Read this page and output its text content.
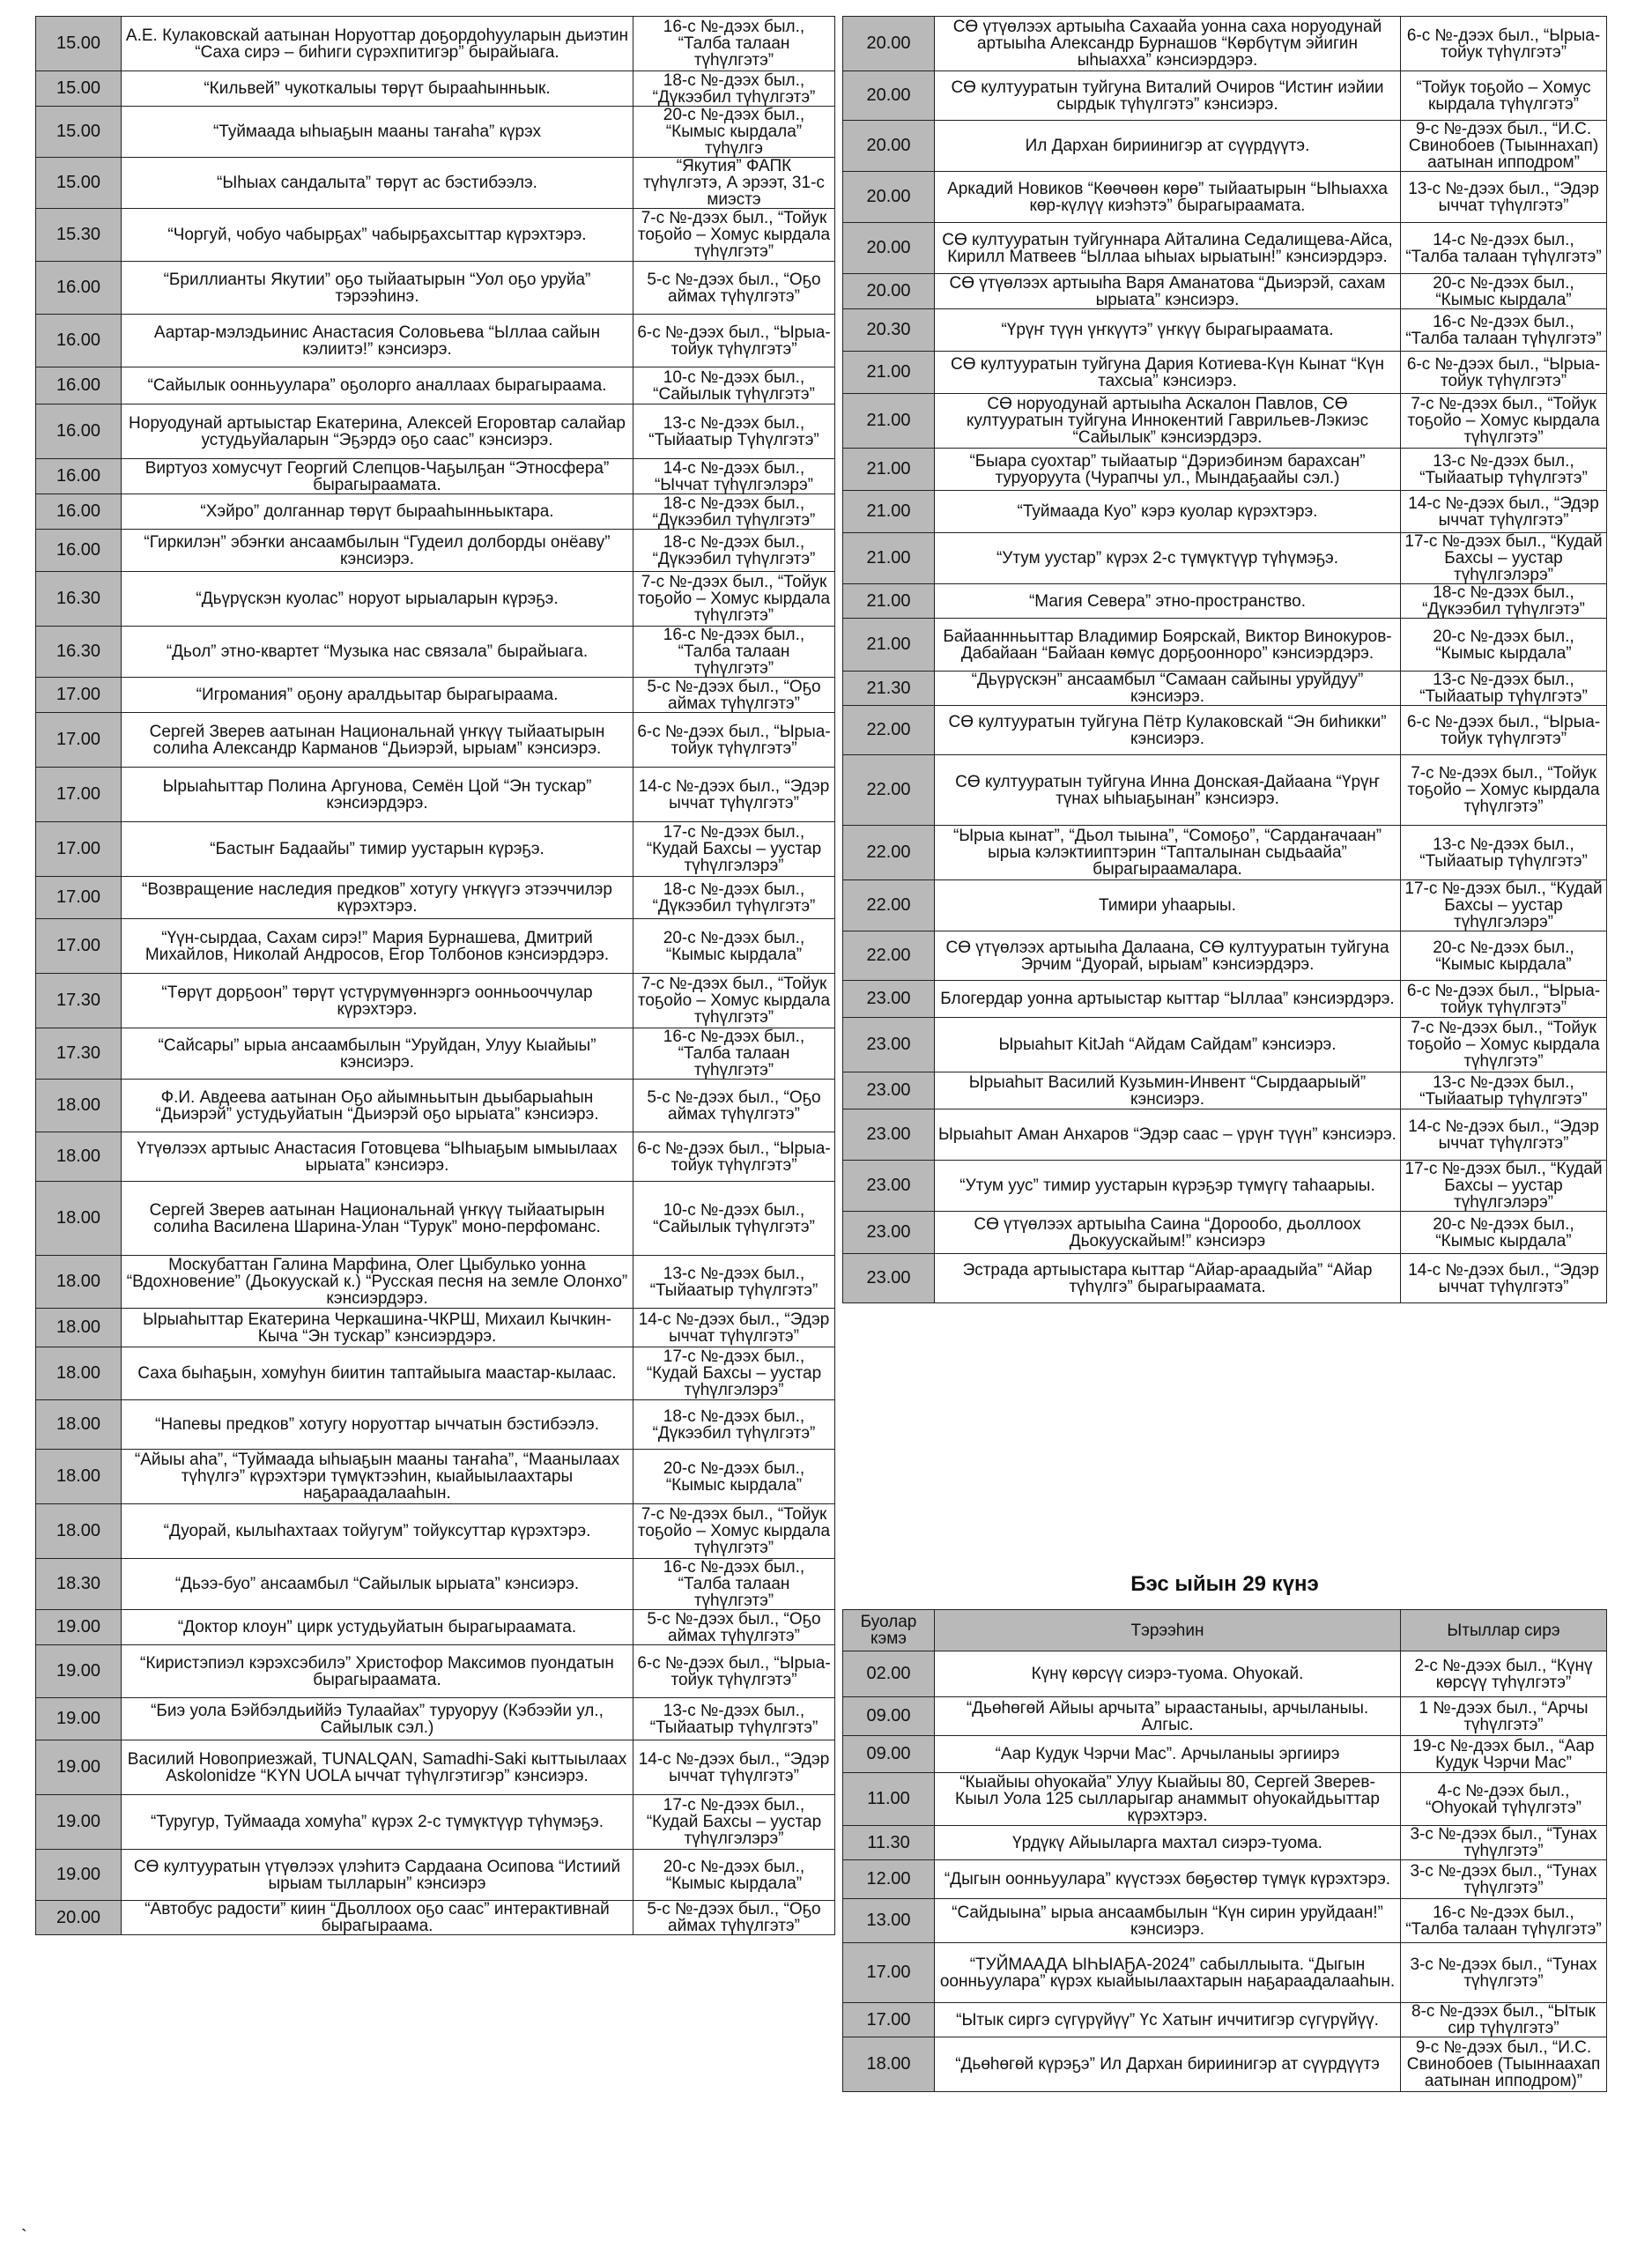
15.00	А.Е. Кулаковскай аатынан Норуоттар доҕордоһууларын дьиэтин “Саха сирэ – биһиги сүрэхпитигэр” бырайыага.	16-с №-дээх был., “Талба талаан түһүлгэтэ”
15.00	“Кильвей” чукоткалыы төрүт бырааһынньык.	18-с №-дээх был., “Дүкээбил түһүлгэтэ”
15.00	“Туймаада ыһыаҕын мааны таҥаһа” күрэх	20-с №-дээх был., “Кымыс кырдала” түһүлгэ
15.00	“Ыһыах сандалыта” төрүт ас бэстибээлэ.	“Якутия” ФАПК түһүлгэтэ, А эрээт, 31-с миэстэ
15.30	“Чоргуй, чобуо чабырҕах” чабырҕахсыттар күрэхтэрэ.	7-с №-дээх был., “Тойук тоҕойо – Хомус кырдала түһүлгэтэ”
16.00	“Бриллианты Якутии” оҕо тыйаатырын “Уол оҕо уруйа” тэрээһинэ.	5-с №-дээх был., “Оҕо аймах түһүлгэтэ”
16.00	Аартар-мэлэдьинис Анастасия Соловьева “Ыллаа сайын кэлиитэ!” кэнсиэрэ.	6-с №-дээх был., “Ырыа-тойук түһүлгэтэ”
16.00	“Сайылык оонньуулара” оҕолорго аналлаах бырагыраама.	10-с №-дээх был., “Сайылык түһүлгэтэ”
16.00	Норуодунай артыыстар Екатерина, Алексей Егоровтар салайар устудьуйаларын “Эҕэрдэ оҕо саас” кэнсиэрэ.	13-с №-дээх был., “Тыйаатыр Түһүлгэтэ”
16.00	Виртуоз хомусчут Георгий Слепцов-Чаҕылҕан “Этносфера” бырагыраамата.	14-с №-дээх был., “Ыччат түһүлгэлэрэ”
16.00	“Хэйро” долганнар төрүт бырааһынньыктара.	18-с №-дээх был., “Дүкээбил түһүлгэтэ”
16.00	“Гиркилэн” эбэҥки ансаамбылын “Гудеил долборды онёаву” кэнсиэрэ.	18-с №-дээх был., “Дүкээбил түһүлгэтэ”
16.30	“Дьүрүскэн куолас” норуот ырыаларын күрэҕэ.	7-с №-дээх был., “Тойук тоҕойо – Хомус кырдала түһүлгэтэ”
16.30	“Дьол” этно-квартет “Музыка нас связала” бырайыага.	16-с №-дээх был., “Талба талаан түһүлгэтэ”
17.00	“Игромания” оҕону аралдьытар бырагыраама.	5-с №-дээх был., “Оҕо аймах түһүлгэтэ”
17.00	Сергей Зверев аатынан Национальнай үҥкүү тыйаатырын солиһа Александр Карманов “Дьиэрэй, ырыам” кэнсиэрэ.	6-с №-дээх был., “Ырыа-тойук түһүлгэтэ”
17.00	Ырыаһыттар Полина Аргунова, Семён Цой “Эн тускар” кэнсиэрдэрэ.	14-с №-дээх был., “Эдэр ыччат түһүлгэтэ”
17.00	“Бастыҥ Бадаайы” тимир уустарын күрэҕэ.	17-с №-дээх был., “Кудай Бахсы – уустар түһүлгэлэрэ”
17.00	“Возвращение наследия предков” хотугу үҥкүүгэ этээччилэр күрэхтэрэ.	18-с №-дээх был., “Дүкээбил түһүлгэтэ”
17.00	“Үүн-сырдаа, Сахам сирэ!” Мария Бурнашева, Дмитрий Михайлов, Николай Андросов, Егор Толбонов кэнсиэрдэрэ.	20-с №-дээх был., “Кымыс кырдала”
17.30	“Төрүт дорҕоон” төрүт үстүрүмүөннэргэ оонньооччулар күрэхтэрэ.	7-с №-дээх был., “Тойук тоҕойо – Хомус кырдала түһүлгэтэ”
17.30	“Сайсары” ырыа ансаамбылын “Уруйдан, Улуу Кыайыы” кэнсиэрэ.	16-с №-дээх был., “Талба талаан түһүлгэтэ”
18.00	Ф.И. Авдеева аатынан Оҕо айымньытын дьыбарыаһын “Дьиэрэй” устудьуйатын “Дьиэрэй оҕо ырыата” кэнсиэрэ.	5-с №-дээх был., “Оҕо аймах түһүлгэтэ”
18.00	Үтүөлээх артыыс Анастасия Готовцева “Ыһыаҕым ымыылаах ырыата” кэнсиэрэ.	6-с №-дээх был., “Ырыа-тойук түһүлгэтэ”
18.00	Сергей Зверев аатынан Национальнай үҥкүү тыйаатырын солиһа Василена Шарина-Улан “Турук” моно-перфоманс.	10-с №-дээх был., “Сайылык түһүлгэтэ”
18.00	Москубаттан Галина Марфина, Олег Цыбулько уонна “Вдохновение” (Дьокуускай к.) “Русская песня на земле Олонхо” кэнсиэрдэрэ.	13-с №-дээх был., “Тыйаатыр түһүлгэтэ”
18.00	Ырыаһыттар Екатерина Черкашина-ЧКРШ, Михаил Кычкин-Кыча “Эн тускар” кэнсиэрдэрэ.	14-с №-дээх был., “Эдэр ыччат түһүлгэтэ”
18.00	Саха быһаҕын, хомуһун биитин таптайыыга маастар-кылаас.	17-с №-дээх был., “Кудай Бахсы – уустар түһүлгэлэрэ”
18.00	“Напевы предков” хотугу норуоттар ыччатын бэстибээлэ.	18-с №-дээх был., “Дүкээбил түһүлгэтэ”
18.00	“Айыы аһа”, “Туймаада ыһыаҕын мааны таҥаһа”, “Маанылаах түһүлгэ” күрэхтэри түмүктээһин, кыайыылаахтары наҕараадалааһын.	20-с №-дээх был., “Кымыс кырдала”
18.00	“Дуорай, кылыһахтаах тойугум” тойуксуттар күрэхтэрэ.	7-с №-дээх был., “Тойук тоҕойо – Хомус кырдала түһүлгэтэ”
18.30	“Дьээ-буо” ансаамбыл “Сайылык ырыата” кэнсиэрэ.	16-с №-дээх был., “Талба талаан түһүлгэтэ”
19.00	“Доктор клоун” цирк устудьуйатын бырагыраамата.	5-с №-дээх был., “Оҕо аймах түһүлгэтэ”
19.00	“Киристэпиэл кэрэхсэбилэ” Христофор Максимов пуондатын бырагыраамата.	6-с №-дээх был., “Ырыа-тойук түһүлгэтэ”
19.00	“Биэ уола Бэйбэлдьиййэ Тулаайах” туруоруу (Кэбээйи ул., Сайылык сэл.)	13-с №-дээх был., “Тыйаатыр түһүлгэтэ”
19.00	Василий Новоприезжай, TUNALQAN, Samadhi-Saki кыттыылаах Askolonidze “KYN UOLA ыччат түһүлгэтигэр” кэнсиэрэ.	14-с №-дээх был., “Эдэр ыччат түһүлгэтэ”
19.00	“Туругур, Туймаада хомуһа” күрэх 2-с түмүктүүр түһүмэҕэ.	17-с №-дээх был., “Кудай Бахсы – уустар түһүлгэлэрэ”
19.00	СӨ култууратын үтүөлээх үлэһитэ Сардаана Осипова “Истиий ырыам тылларын” кэнсиэрэ	20-с №-дээх был., “Кымыс кырдала”
20.00	“Автобус радости” киин “Дьоллоох оҕо саас” интерактивнай бырагыраама.	5-с №-дээх был., “Оҕо аймах түһүлгэтэ”
20.00	СӨ үтүөлээх артыыһа Сахаайа уонна саха норуодунай артыыһа Александр Бурнашов “Көрбүтүм эйигин ыһыахха” кэнсиэрдэрэ.	6-с №-дээх был., “Ырыа-тойук түһүлгэтэ”
20.00	СӨ култууратын туйгуна Виталий Очиров “Истиҥ иэйии сырдык түһүлгэтэ” кэнсиэрэ.	“Тойук тоҕойо – Хомус кырдала түһүлгэтэ”
20.00	Ил Дархан бириинигэр ат сүүрдүүтэ.	9-с №-дээх был., “И.С. Свинобоев (Тыыннахап) аатынан ипподром”
20.00	Аркадий Новиков “Көөчөөн көрө” тыйаатырын “Ыһыахха көр-күлүү киэһэтэ” бырагыраамата.	13-с №-дээх был., “Эдэр ыччат түһүлгэтэ”
20.00	СӨ култууратын туйгуннара Айталина Седалищева-Айса, Кирилл Матвеев “Ыллаа ыһыах ырыатын!” кэнсиэрдэрэ.	14-с №-дээх был., “Талба талаан түһүлгэтэ”
20.00	СӨ үтүөлээх артыыһа Варя Аманатова “Дьиэрэй, сахам ырыата” кэнсиэрэ.	20-с №-дээх был., “Кымыс кырдала”
20.30	“Үрүҥ түүн үҥкүүтэ” үҥкүү бырагыраамата.	16-с №-дээх был., “Талба талаан түһүлгэтэ”
21.00	СӨ култууратын туйгуна Дария Котиева-Күн Кынат “Күн тахсыа” кэнсиэрэ.	6-с №-дээх был., “Ырыа-тойук түһүлгэтэ”
21.00	СӨ норуодунай артыыһа Аскалон Павлов, СӨ култууратын туйгуна Иннокентий Гаврильев-Лэкиэс “Сайылык” кэнсиэрдэрэ.	7-с №-дээх был., “Тойук тоҕойо – Хомус кырдала түһүлгэтэ”
21.00	“Быара суохтар” тыйаатыр “Дэриэбинэм барахсан” туруоруута (Чурапчы ул., Мындаҕаайы сэл.)	13-с №-дээх был., “Тыйаатыр түһүлгэтэ”
21.00	“Туймаада Куо” кэрэ куолар күрэхтэрэ.	14-с №-дээх был., “Эдэр ыччат түһүлгэтэ”
21.00	“Утум уустар” күрэх 2-с түмүктүүр түһүмэҕэ.	17-с №-дээх был., “Кудай Бахсы – уустар түһүлгэлэрэ”
21.00	“Магия Севера” этно-пространство.	18-с №-дээх был., “Дүкээбил түһүлгэтэ”
21.00	Байааннньыттар Владимир Боярскай, Виктор Винокуров-Дабайаан “Байаан көмүс дорҕоонноро” кэнсиэрдэрэ.	20-с №-дээх был., “Кымыс кырдала”
21.30	“Дьүрүскэн” ансаамбыл “Самаан сайыны уруйдуу” кэнсиэрэ.	13-с №-дээх был., “Тыйаатыр түһүлгэтэ”
22.00	СӨ култууратын туйгуна Пётр Кулаковскай “Эн биһикки” кэнсиэрэ.	6-с №-дээх был., “Ырыа-тойук түһүлгэтэ”
22.00	СӨ култууратын туйгуна Инна Донская-Дайаана “Үрүҥ түнах ыһыаҕынан” кэнсиэрэ.	7-с №-дээх был., “Тойук тоҕойо – Хомус кырдала түһүлгэтэ”
22.00	“Ырыа кынат”, “Дьол тыына”, “Сомоҕо”, “Сардаҥачаан” ырыа кэлэктииптэрин “Тапталынан сыдьаайа” бырагыраамалара.	13-с №-дээх был., “Тыйаатыр түһүлгэтэ”
22.00	Тимири уһаарыы.	17-с №-дээх был., “Кудай Бахсы – уустар түһүлгэлэрэ”
22.00	СӨ үтүөлээх артыыһа Далаана, СӨ култууратын туйгуна Эрчим “Дуорай, ырыам” кэнсиэрдэрэ.	20-с №-дээх был., “Кымыс кырдала”
23.00	Блогердар уонна артыыстар кыттар “Ыллаа” кэнсиэрдэрэ.	6-с №-дээх был., “Ырыа-тойук түһүлгэтэ”
23.00	Ырыаһыт KitJah “Айдам Сайдам” кэнсиэрэ.	7-с №-дээх был., “Тойук тоҕойо – Хомус кырдала түһүлгэтэ”
23.00	Ырыаһыт Василий Кузьмин-Инвент “Сырдаарыый” кэнсиэрэ.	13-с №-дээх был., “Тыйаатыр түһүлгэтэ”
23.00	Ырыаһыт Аман Анхаров “Эдэр саас – үрүҥ түүн” кэнсиэрэ.	14-с №-дээх был., “Эдэр ыччат түһүлгэтэ”
23.00	“Утум уус” тимир уустарын күрэҕэр түмүгү таһаарыы.	17-с №-дээх был., “Кудай Бахсы – уустар түһүлгэлэрэ”
23.00	СӨ үтүөлээх артыыһа Саина “Дорообо, дьоллоох Дьокуускайым!” кэнсиэрэ	20-с №-дээх был., “Кымыс кырдала”
23.00	Эстрада артыыстара кыттар “Айар-араадыйа” “Айар түһүлгэ” бырагыраамата.	14-с №-дээх был., “Эдэр ыччат түһүлгэтэ”
Бэс ыйын 29 күнэ
Буолар кэмэ	Тэрээһин	Ытыллар сирэ
02.00	Күнү көрсүү сиэрэ-туома. Оһуокай.	2-с №-дээх был., “Күнү көрсүү түһүлгэтэ”
09.00	“Дьөһөгөй Айыы арчыта” ыраастаныы, арчыланыы. Алгыс.	1 №-дээх был., “Арчы түһүлгэтэ”
09.00	“Аар Кудук Чэрчи Мас”. Арчыланыы эргиирэ	19-с №-дээх был., “Аар Кудук Чэрчи Мас”
11.00	“Кыайыы оһуокайа” Улуу Кыайыы 80, Сергей Зверев-Кыыл Уола 125 сылларыгар анаммыт оһуокайдьыттар күрэхтэрэ.	4-с №-дээх был., “Оһуокай түһүлгэтэ”
11.30	Үрдүкү Айыыларга махтал сиэрэ-туома.	3-с №-дээх был., “Тунах түһүлгэтэ”
12.00	“Дыгын оонньуулара” күүстээх бөҕөстөр түмүк күрэхтэрэ.	3-с №-дээх был., “Тунах түһүлгэтэ”
13.00	“Сайдыына” ырыа ансаамбылын “Күн сирин уруйдаан!” кэнсиэрэ.	16-с №-дээх был., “Талба талаан түһүлгэтэ”
17.00	“ТУЙМААДА ЫҺЫАҔА-2024” сабыллыыта. “Дыгын оонньуулара” күрэх кыайыылаахтарын наҕараадалааһын.	3-с №-дээх был., “Тунах түһүлгэтэ”
17.00	“Ытык сиргэ сүгүрүйүү” Үс Хатыҥ иччитигэр сүгүрүйүү.	8-с №-дээх был., “Ытык сир түһүлгэтэ”
18.00	“Дьөһөгөй күрэҕэ” Ил Дархан бириинигэр ат сүүрдүүтэ	9-с №-дээх был., “И.С. Свинобоев (Тыыннаахап аатынан ипподром)”
`
